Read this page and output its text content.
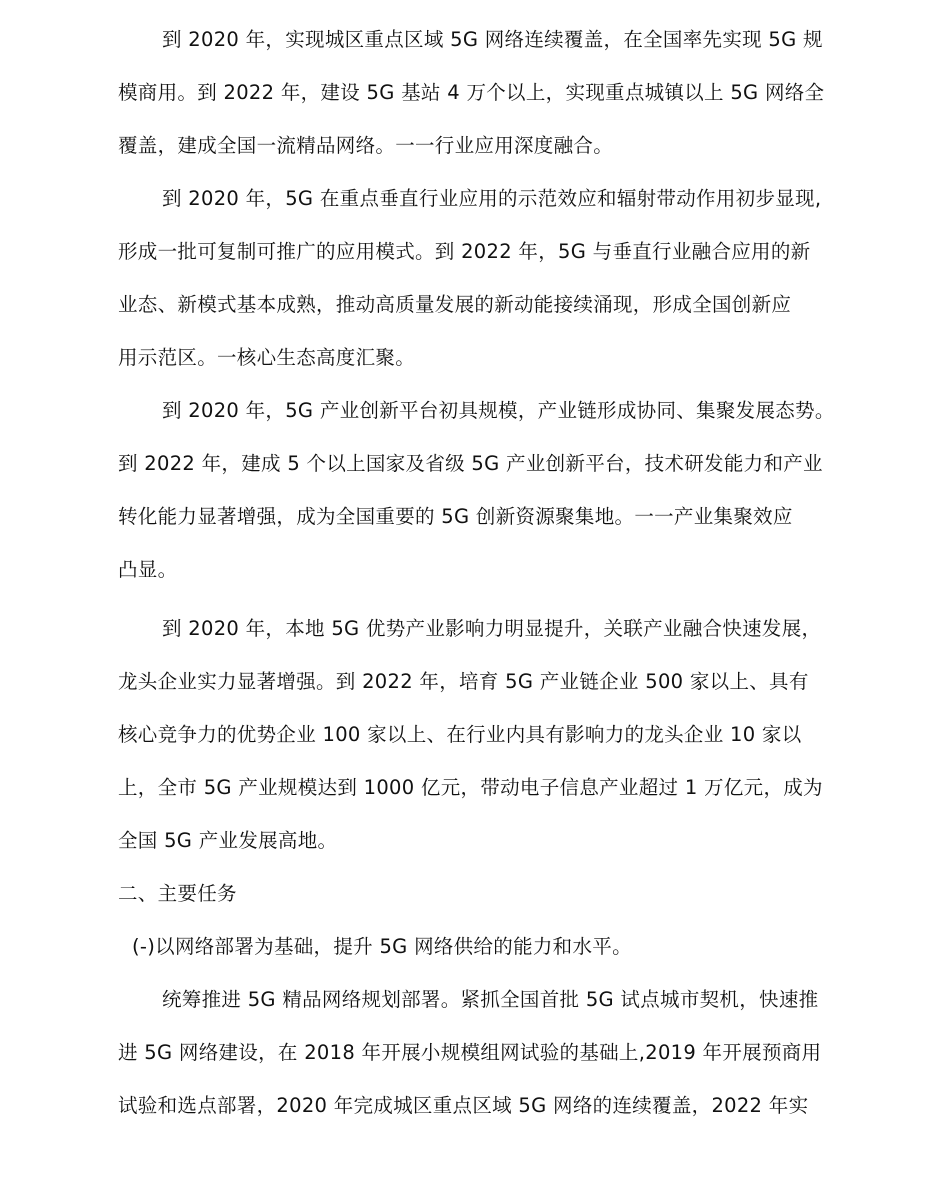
到 2020 年，实现城区重点区域 5G 网络连续覆盖，在全国率先实现 5G 规
模商用。到 2022 年，建设 5G 基站 4 万个以上，实现重点城镇以上 5G 网络全
覆盖，建成全国一流精品网络。一一行业应用深度融合。
到 2020 年，5G 在重点垂直行业应用的示范效应和辐射带动作用初步显现,
形成一批可复制可推广的应用模式。到 2022 年，5G 与垂直行业融合应用的新
业态、新模式基本成熟，推动高质量发展的新动能接续涌现，形成全国创新应
用示范区。一核心生态高度汇聚。
到 2020 年，5G 产业创新平台初具规模，产业链形成协同、集聚发展态势。
到 2022 年，建成 5 个以上国家及省级 5G 产业创新平台，技术研发能力和产业
转化能力显著增强，成为全国重要的 5G 创新资源聚集地。一一产业集聚效应
凸显。
到 2020 年，本地 5G 优势产业影响力明显提升，关联产业融合快速发展，
龙头企业实力显著增强。到 2022 年，培育 5G 产业链企业 500 家以上、具有
核心竞争力的优势企业 100 家以上、在行业内具有影响力的龙头企业 10 家以
上，全市 5G 产业规模达到 1000 亿元，带动电子信息产业超过 1 万亿元，成为
全国 5G 产业发展高地。
二、主要任务
(-)以网络部署为基础，提升 5G 网络供给的能力和水平。
统筹推进 5G 精品网络规划部署。紧抓全国首批 5G 试点城市契机，快速推
进 5G 网络建设，在 2018 年开展小规模组网试验的基础上,2019 年开展预商用
试验和选点部署，2020 年完成城区重点区域 5G 网络的连续覆盖，2022 年实
